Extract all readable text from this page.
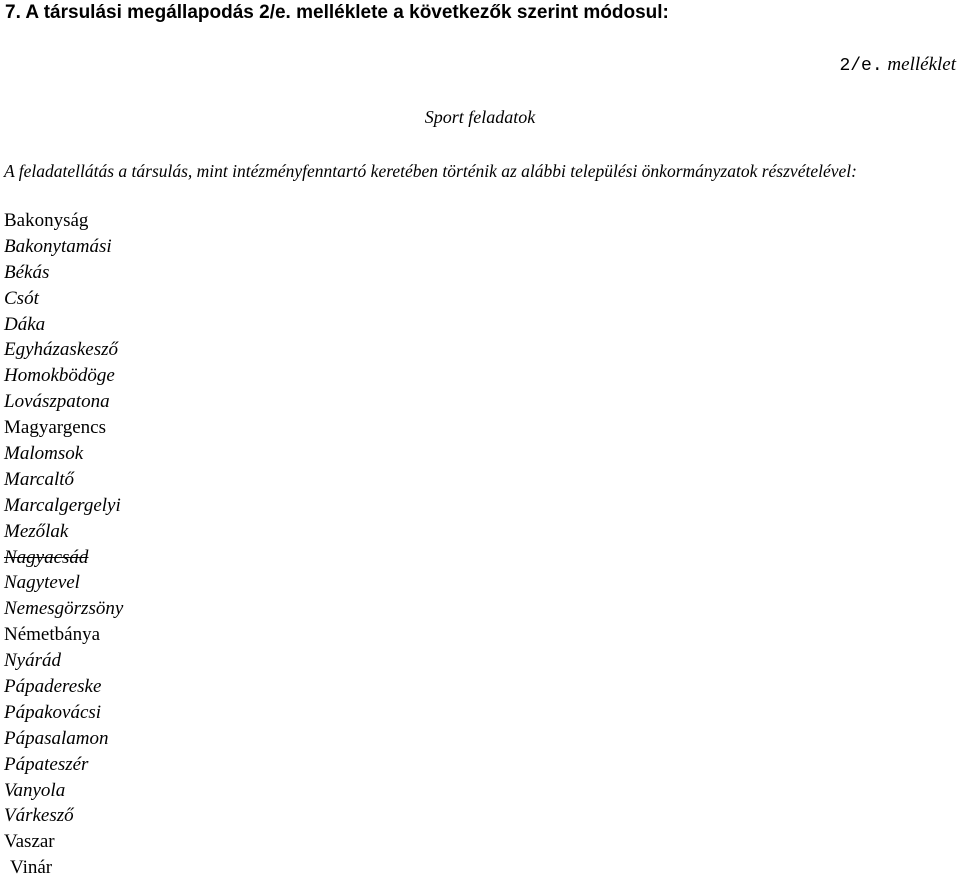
7. A társulási megállapodás 2/e. melléklete a következők szerint módosul:
2/e. melléklet
Sport feladatok
A feladatellátás a társulás, mint intézményfenntartó keretében történik az alábbi települési önkormányzatok részvételével:
Bakonyság
Bakonytamási
Békás
Csót
Dáka
Egyházaskesző
Homokbödöge
Lovászpatona
Magyargencs
Malomsok
Marcaltő
Marcalgergelyi
Mezőlak
Nagyacsád
Nagytevel
Nemesgörzsöny
Németbánya
Nyárád
Pápadereske
Pápakovácsi
Pápasalamon
Pápateszér
Vanyola
Várkesző
Vaszar
Vinár
